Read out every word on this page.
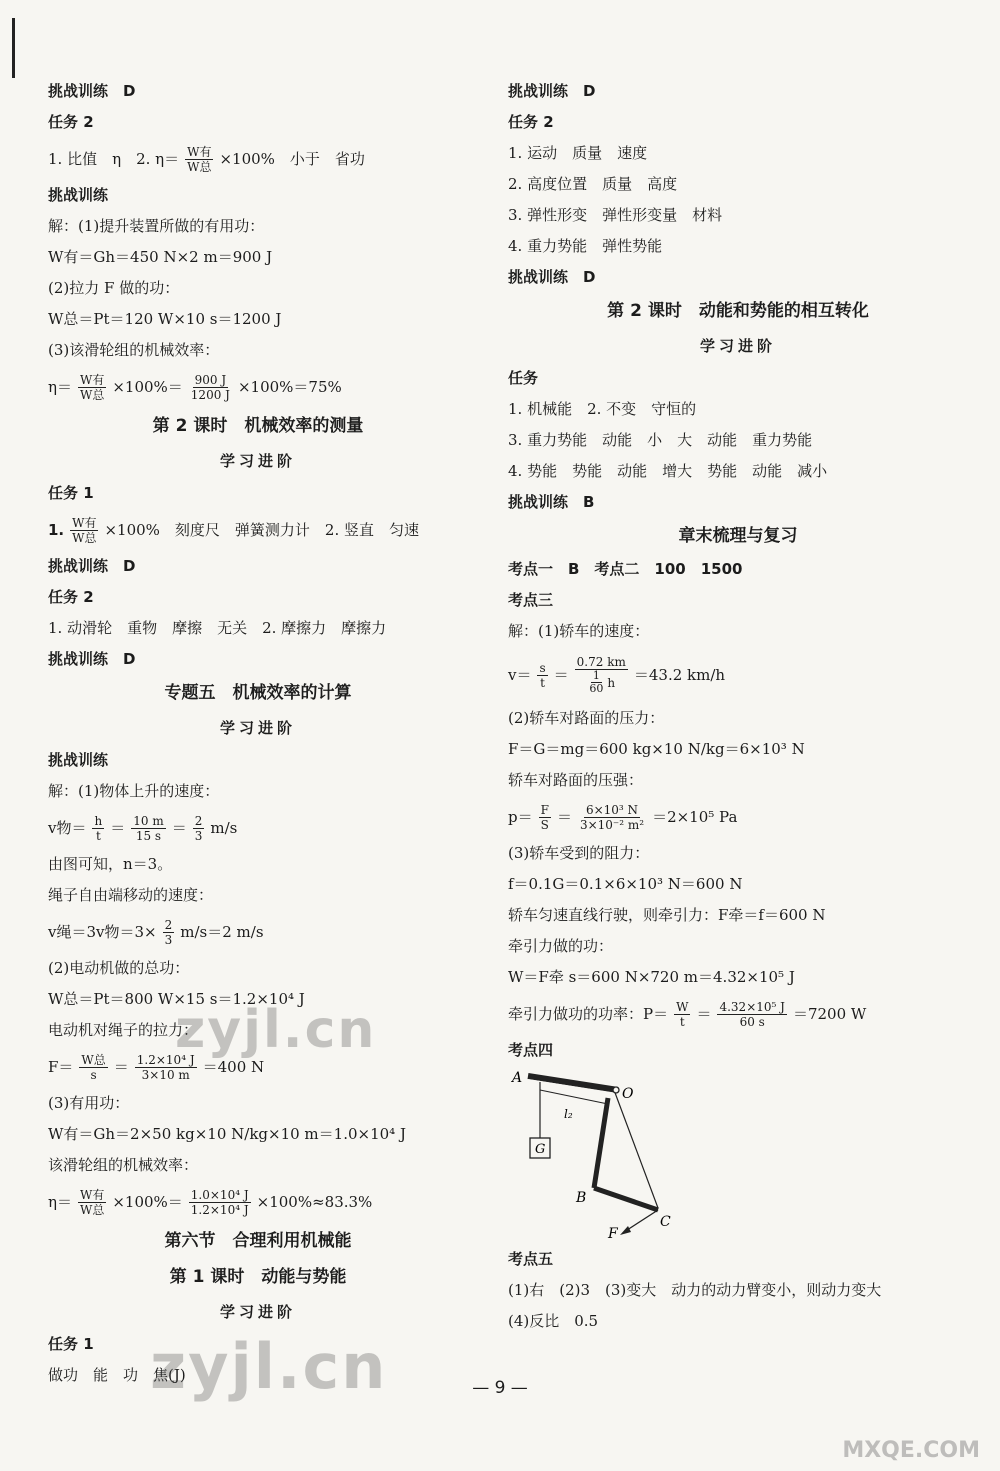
挑战训练　D
任务 2
1. 比值　η　2. $\eta= \frac{\text{W有}}{\text{W总}} \times 100\%$　小于　省功
挑战训练
解：(1)提升装置所做的有用功：
W有＝Gh＝450 N×2 m＝900 J
(2)拉力 F 做的功：
W总＝Pt＝120 W×10 s＝1200 J
(3)该滑轮组的机械效率：
$\eta= \frac{\text{W有}}{\text{W总}} \times 100\%= \frac{900 J}{1200 J} \times 100\%=75\%$
第 2 课时　机械效率的测量
学习进阶
任务 1
1. $\frac{\text{W有}}{\text{W总}} \times 100\%$　刻度尺　弹簧测力计　2. 竖直　匀速
挑战训练　D
任务 2
1. 动滑轮　重物　摩擦　无关　2. 摩擦力　摩擦力
挑战训练　D
专题五　机械效率的计算
学习进阶
挑战训练
解：(1)物体上升的速度：
v物＝ $\frac{h}{t} = \frac{10 m}{15 s} = \frac{2}{3} m/s$
由图可知，n＝3。
绳子自由端移动的速度：
v绳＝3v物$=3\times \frac{2}{3} m/s=2$ m/s
(2)电动机做的总功：
W总＝Pt＝800 W×15 s＝1.2×10⁴ J
电动机对绳子的拉力：
$F= \frac{\text{W总}}{s} = \frac{\text{1.2×10⁴ J}}{3\times 10 m} =400$ N
(3)有用功：
W有＝Gh＝2×50 kg×10 N/kg×10 m＝1.0×10⁴ J
该滑轮组的机械效率：
$\eta= \frac{\text{W有}}{\text{W总}} \times 100\%= \frac{\text{1.0×10⁴ J}}{\text{1.2×10⁴ J}} \times 100\%\approx 83.3\%$
第六节　合理利用机械能
第 1 课时　动能与势能
学习进阶
任务 1
做功　能　功　焦(J)
挑战训练　D
任务 2
1. 运动　质量　速度
2. 高度位置　质量　高度
3. 弹性形变　弹性形变量　材料
4. 重力势能　弹性势能
挑战训练　D
第 2 课时　动能和势能的相互转化
学习进阶
任务
1. 机械能　2. 不变　守恒的
3. 重力势能　动能　小　大　动能　重力势能
4. 势能　势能　动能　增大　势能　动能　减小
挑战训练　B
章末梳理与复习
考点一　B　考点二　100　1500
考点三
解：(1)轿车的速度：
$v= \frac{s}{t} = \frac{0.72 km}{\frac{1}{60} h} =43.2$ km/h
(2)轿车对路面的压力：
F＝G＝mg＝600 kg×10 N/kg＝6×10³ N
轿车对路面的压强：
$p= \frac{F}{S} = \frac{\text{6×10³ N}}{\text{3×10⁻² m²}} =2\times 10^5$ Pa
(3)轿车受到的阻力：
f＝0.1G＝0.1×6×10³ N＝600 N
轿车匀速直线行驶，则牵引力：F牵＝f＝600 N
牵引力做的功：
W＝F牵 s＝600 N×720 m＝4.32×10⁵ J
牵引力做功的功率：$P= \frac{W}{t} = \frac{\text{4.32×10⁵ J}}{60 s} =7200$ W
考点四
A
O
B
C
F
G
l₂
考点五
(1)右　(2)3　(3)变大　动力的动力臂变小，则动力变大
(4)反比　0.5
— 9 —
zyjl.cn
zyjl.cn
MXQE.COM
